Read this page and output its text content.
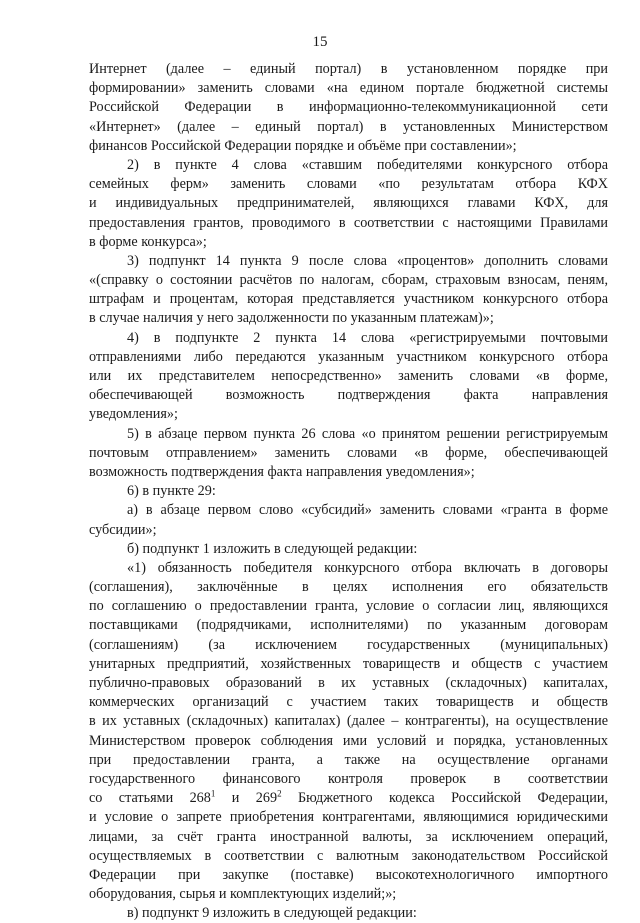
15
Интернет (далее – единый портал) в установленном порядке при
формировании» заменить словами «на едином портале бюджетной системы
Российской Федерации в информационно-телекоммуникационной сети
«Интернет» (далее – единый портал) в установленных Министерством
финансов Российской Федерации порядке и объёме при составлении»;
2) в пункте 4 слова «ставшим победителями конкурсного отбора
семейных ферм» заменить словами «по результатам отбора КФХ
и индивидуальных предпринимателей, являющихся главами КФХ, для
предоставления грантов, проводимого в соответствии с настоящими Правилами
в форме конкурса»;
3) подпункт 14 пункта 9 после слова «процентов» дополнить словами
«(справку о состоянии расчётов по налогам, сборам, страховым взносам, пеням,
штрафам и процентам, которая представляется участником конкурсного отбора
в случае наличия у него задолженности по указанным платежам)»;
4) в подпункте 2 пункта 14 слова «регистрируемыми почтовыми
отправлениями либо передаются указанным участником конкурсного отбора
или их представителем непосредственно» заменить словами «в форме,
обеспечивающей возможность подтверждения факта направления
уведомления»;
5) в абзаце первом пункта 26 слова «о принятом решении регистрируемым
почтовым отправлением» заменить словами «в форме, обеспечивающей
возможность подтверждения факта направления уведомления»;
6) в пункте 29:
а) в абзаце первом слово «субсидий» заменить словами «гранта в форме
субсидии»;
б) подпункт 1 изложить в следующей редакции:
«1) обязанность победителя конкурсного отбора включать в договоры
(соглашения), заключённые в целях исполнения его обязательств
по соглашению о предоставлении гранта, условие о согласии лиц, являющихся
поставщиками (подрядчиками, исполнителями) по указанным договорам
(соглашениям) (за исключением государственных (муниципальных)
унитарных предприятий, хозяйственных товариществ и обществ с участием
публично-правовых образований в их уставных (складочных) капиталах,
коммерческих организаций с участием таких товариществ и обществ
в их уставных (складочных) капиталах) (далее – контрагенты), на осуществление
Министерством проверок соблюдения ими условий и порядка, установленных
при предоставлении гранта, а также на осуществление органами
государственного финансового контроля проверок в соответствии
со статьями $268^1$ и $269^2$ Бюджетного кодекса Российской Федерации,
и условие о запрете приобретения контрагентами, являющимися юридическими
лицами, за счёт гранта иностранной валюты, за исключением операций,
осуществляемых в соответствии с валютным законодательством Российской
Федерации при закупке (поставке) высокотехнологичного импортного
оборудования, сырья и комплектующих изделий;»;
в) подпункт 9 изложить в следующей редакции:
